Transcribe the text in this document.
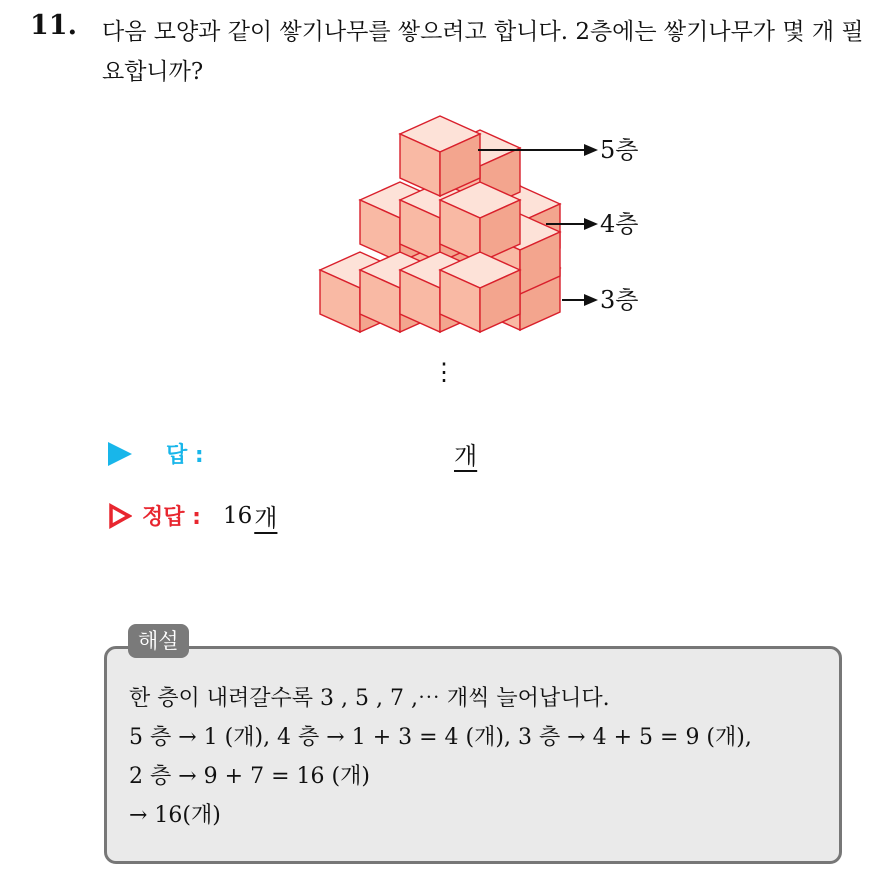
11. 다음 모양과 같이 쌓기나무를 쌓으려고 합니다. 2층에는 쌓기나무가 몇 개 필요합니까?
5층
4층
3층
⋮
답 :	개
정답 : 16 개
한 층이 내려갈수록 3 , 5 , 7 ,⋯ 개씩 늘어납니다.
5 층 → 1 (개), 4 층 → 1 + 3 = 4 (개), 3 층 → 4 + 5 = 9 (개),
2 층 → 9 + 7 = 16 (개)
→ 16(개)
해설
